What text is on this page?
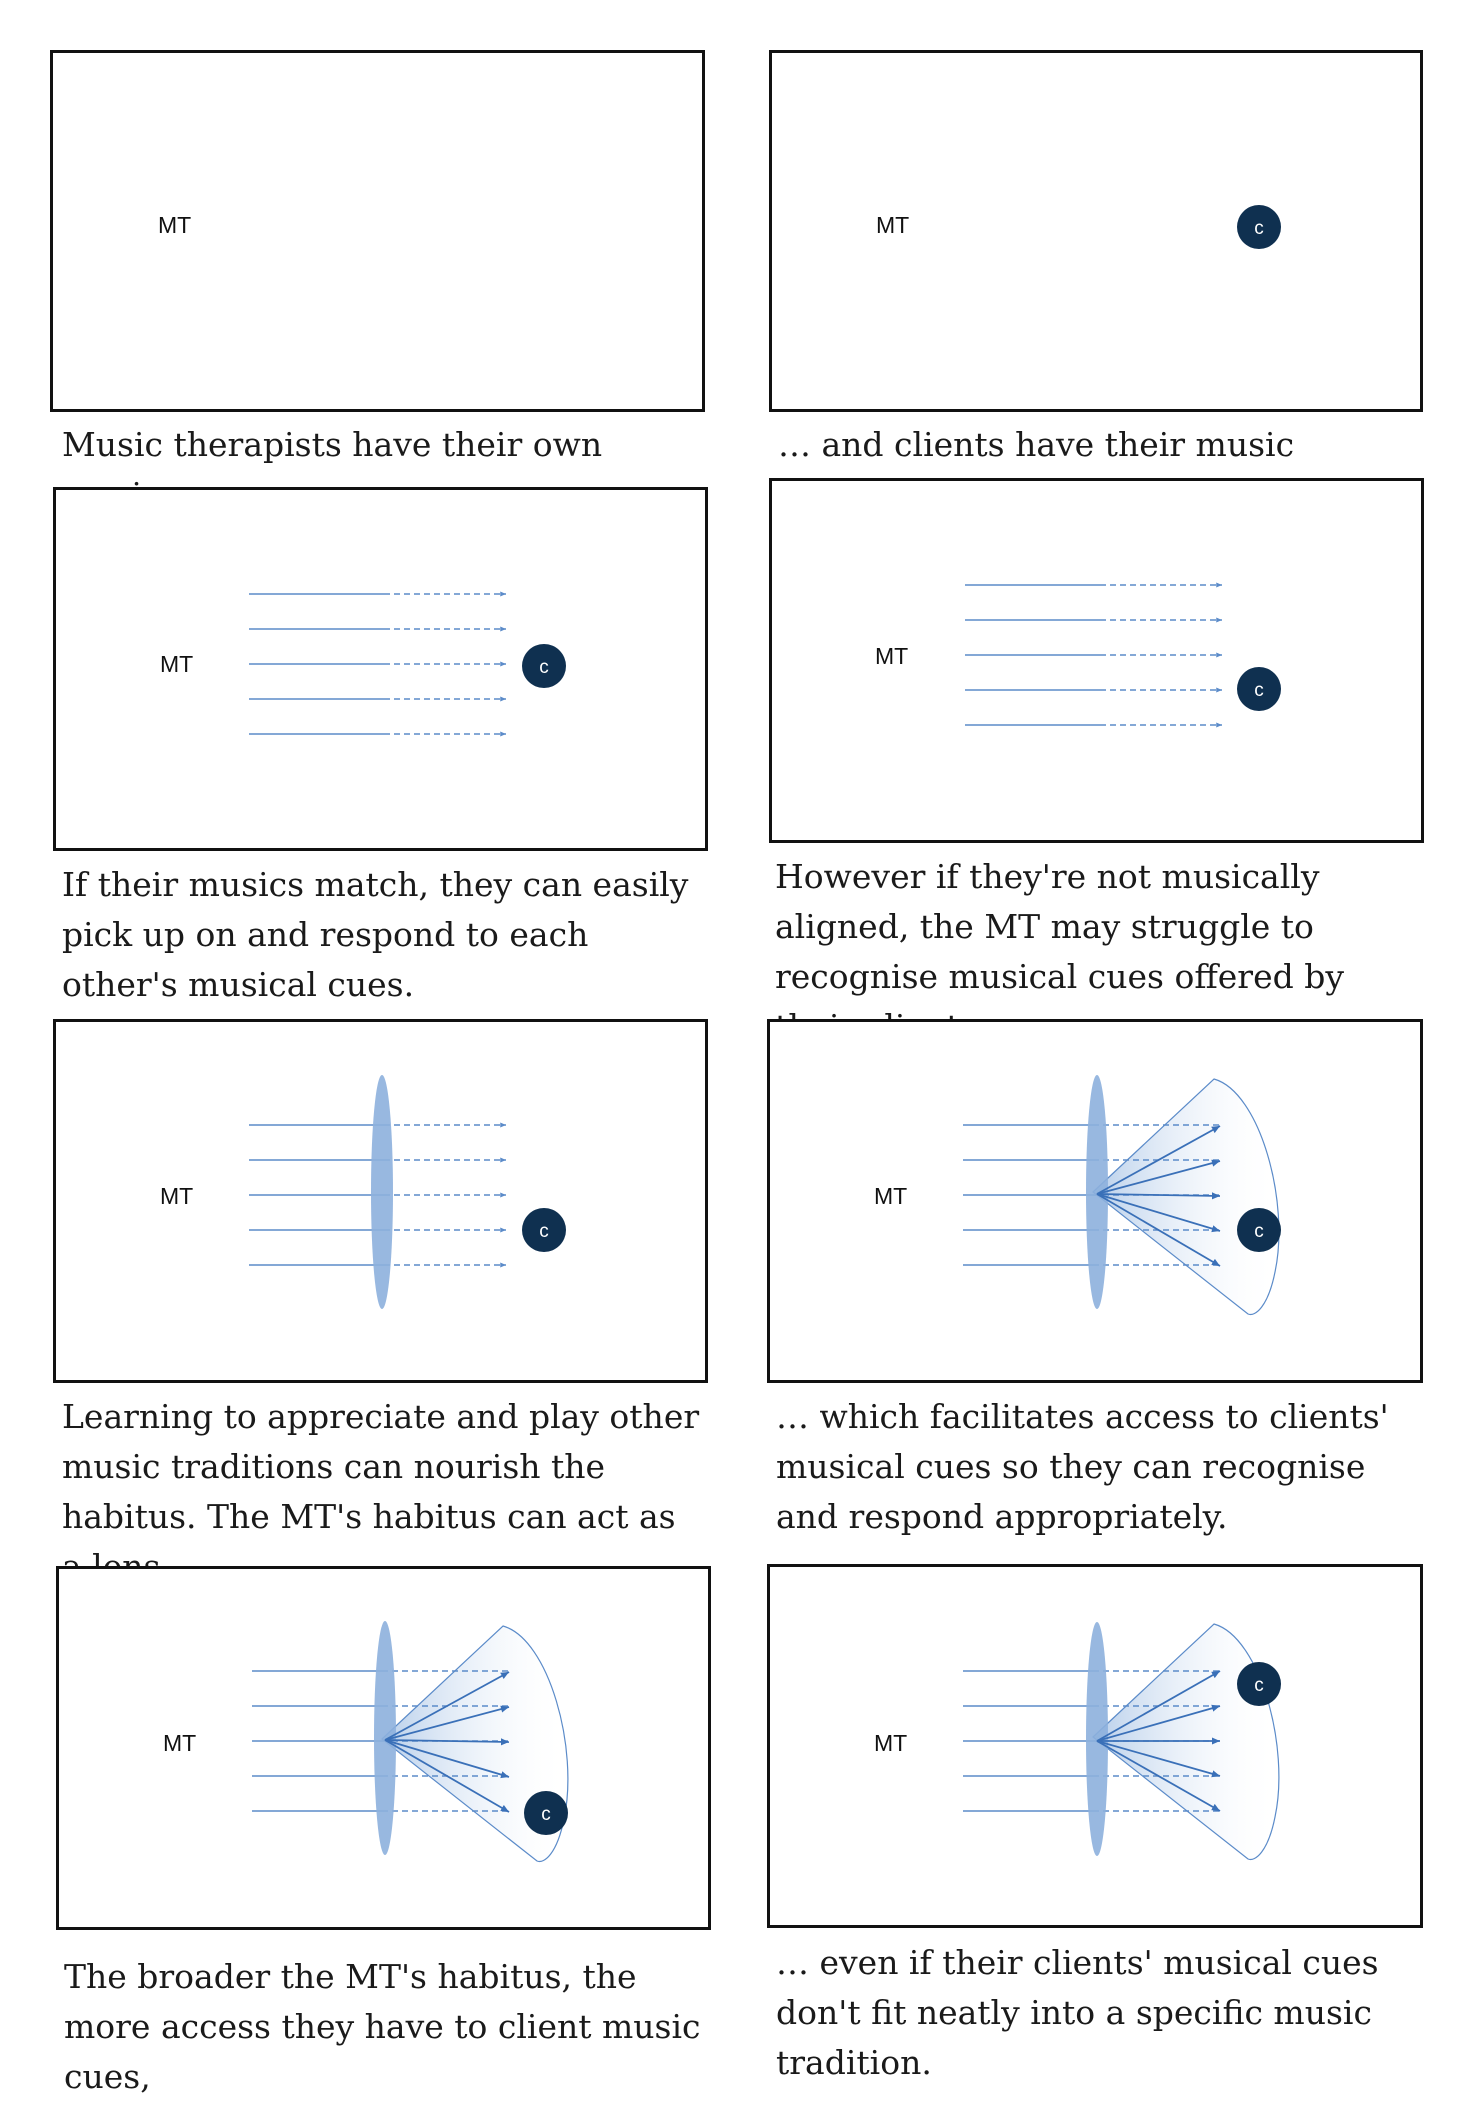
MT

Music therapists have their own

MT	c

… and clients have their music

MT	c

If their musics match, they can easily pick up on and respond to each other's musical cues.

MT
c

However if they're not musically aligned, the MT may struggle to recognise musical cues offered by

MT
c

Learning to appreciate and play other music traditions can nourish the habitus. The MT's habitus can act as

MT
c

… which facilitates access to clients' musical cues so they can recognise and respond appropriately.

MT
c

The broader the MT's habitus, the more access they have to client music cues,

MT
c

… even if their clients' musical cues don't fit neatly into a specific music tradition.
